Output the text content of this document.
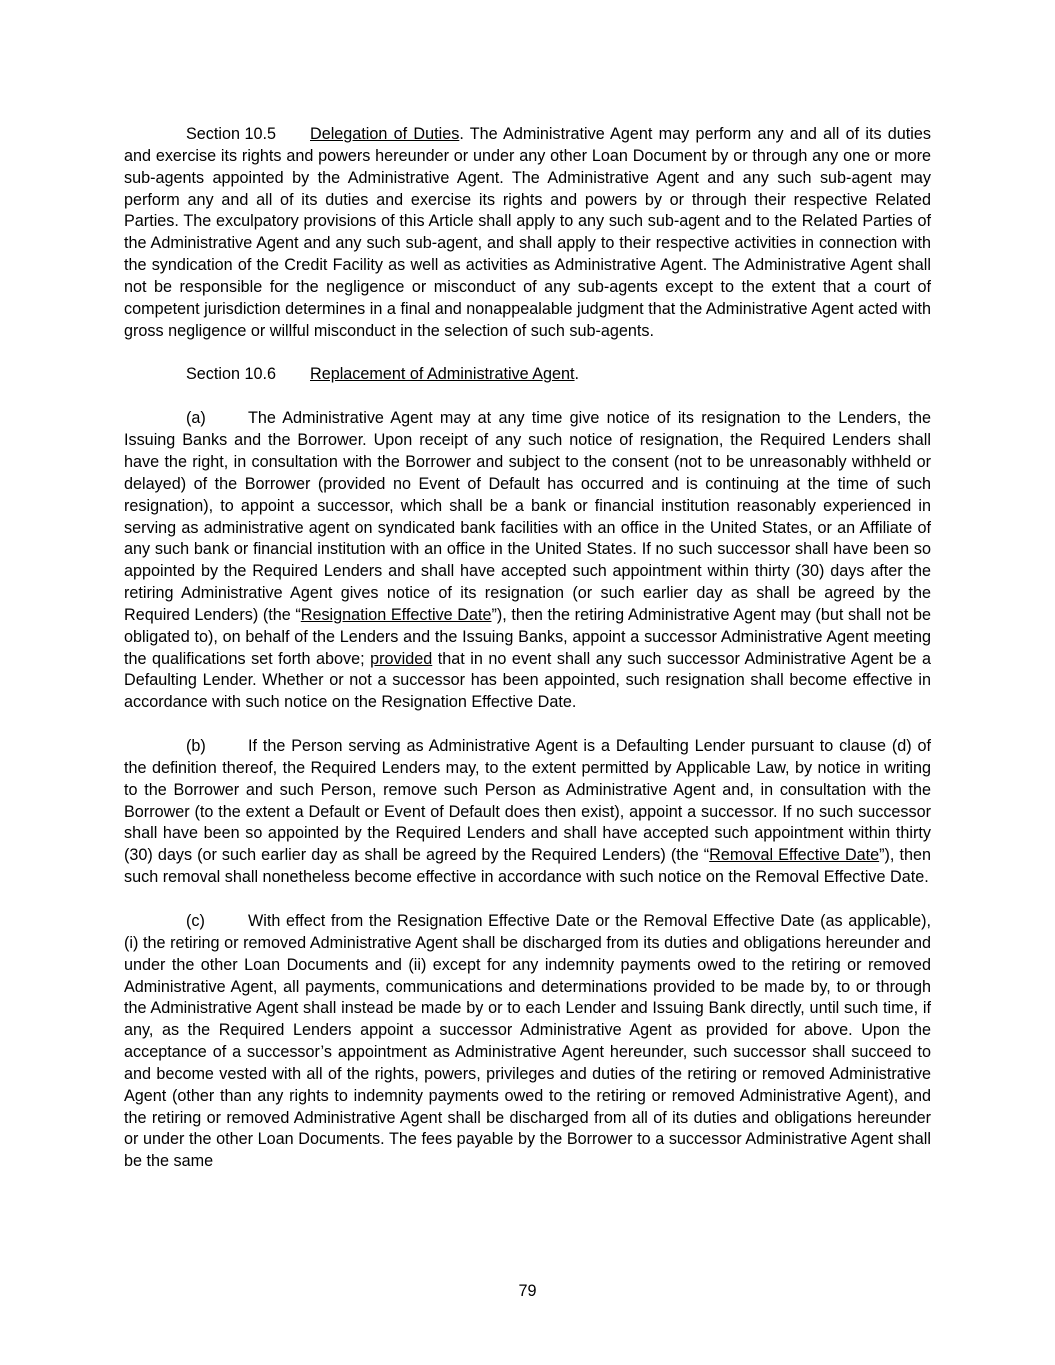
Section 10.5 Delegation of Duties. The Administrative Agent may perform any and all of its duties and exercise its rights and powers hereunder or under any other Loan Document by or through any one or more sub-agents appointed by the Administrative Agent. The Administrative Agent and any such sub-agent may perform any and all of its duties and exercise its rights and powers by or through their respective Related Parties. The exculpatory provisions of this Article shall apply to any such sub-agent and to the Related Parties of the Administrative Agent and any such sub-agent, and shall apply to their respective activities in connection with the syndication of the Credit Facility as well as activities as Administrative Agent. The Administrative Agent shall not be responsible for the negligence or misconduct of any sub-agents except to the extent that a court of competent jurisdiction determines in a final and nonappealable judgment that the Administrative Agent acted with gross negligence or willful misconduct in the selection of such sub-agents.

Section 10.6 Replacement of Administrative Agent.

(a)	The Administrative Agent may at any time give notice of its resignation to the Lenders, the Issuing Banks and the Borrower. Upon receipt of any such notice of resignation, the Required Lenders shall have the right, in consultation with the Borrower and subject to the consent (not to be unreasonably withheld or delayed) of the Borrower (provided no Event of Default has occurred and is continuing at the time of such resignation), to appoint a successor, which shall be a bank or financial institution reasonably experienced in serving as administrative agent on syndicated bank facilities with an office in the United States, or an Affiliate of any such bank or financial institution with an office in the United States. If no such successor shall have been so appointed by the Required Lenders and shall have accepted such appointment within thirty (30) days after the retiring Administrative Agent gives notice of its resignation (or such earlier day as shall be agreed by the Required Lenders) (the “Resignation Effective Date”), then the retiring Administrative Agent may (but shall not be obligated to), on behalf of the Lenders and the Issuing Banks, appoint a successor Administrative Agent meeting the qualifications set forth above; provided that in no event shall any such successor Administrative Agent be a Defaulting Lender. Whether or not a successor has been appointed, such resignation shall become effective in accordance with such notice on the Resignation Effective Date.

(b)	If the Person serving as Administrative Agent is a Defaulting Lender pursuant to clause (d) of the definition thereof, the Required Lenders may, to the extent permitted by Applicable Law, by notice in writing to the Borrower and such Person, remove such Person as Administrative Agent and, in consultation with the Borrower (to the extent a Default or Event of Default does then exist), appoint a successor. If no such successor shall have been so appointed by the Required Lenders and shall have accepted such appointment within thirty (30) days (or such earlier day as shall be agreed by the Required Lenders) (the “Removal Effective Date”), then such removal shall nonetheless become effective in accordance with such notice on the Removal Effective Date.

(c)	With effect from the Resignation Effective Date or the Removal Effective Date (as applicable), (i) the retiring or removed Administrative Agent shall be discharged from its duties and obligations hereunder and under the other Loan Documents and (ii) except for any indemnity payments owed to the retiring or removed Administrative Agent, all payments, communications and determinations provided to be made by, to or through the Administrative Agent shall instead be made by or to each Lender and Issuing Bank directly, until such time, if any, as the Required Lenders appoint a successor Administrative Agent as provided for above. Upon the acceptance of a successor’s appointment as Administrative Agent hereunder, such successor shall succeed to and become vested with all of the rights, powers, privileges and duties of the retiring or removed Administrative Agent (other than any rights to indemnity payments owed to the retiring or removed Administrative Agent), and the retiring or removed Administrative Agent shall be discharged from all of its duties and obligations hereunder or under the other Loan Documents. The fees payable by the Borrower to a successor Administrative Agent shall be the same

79
